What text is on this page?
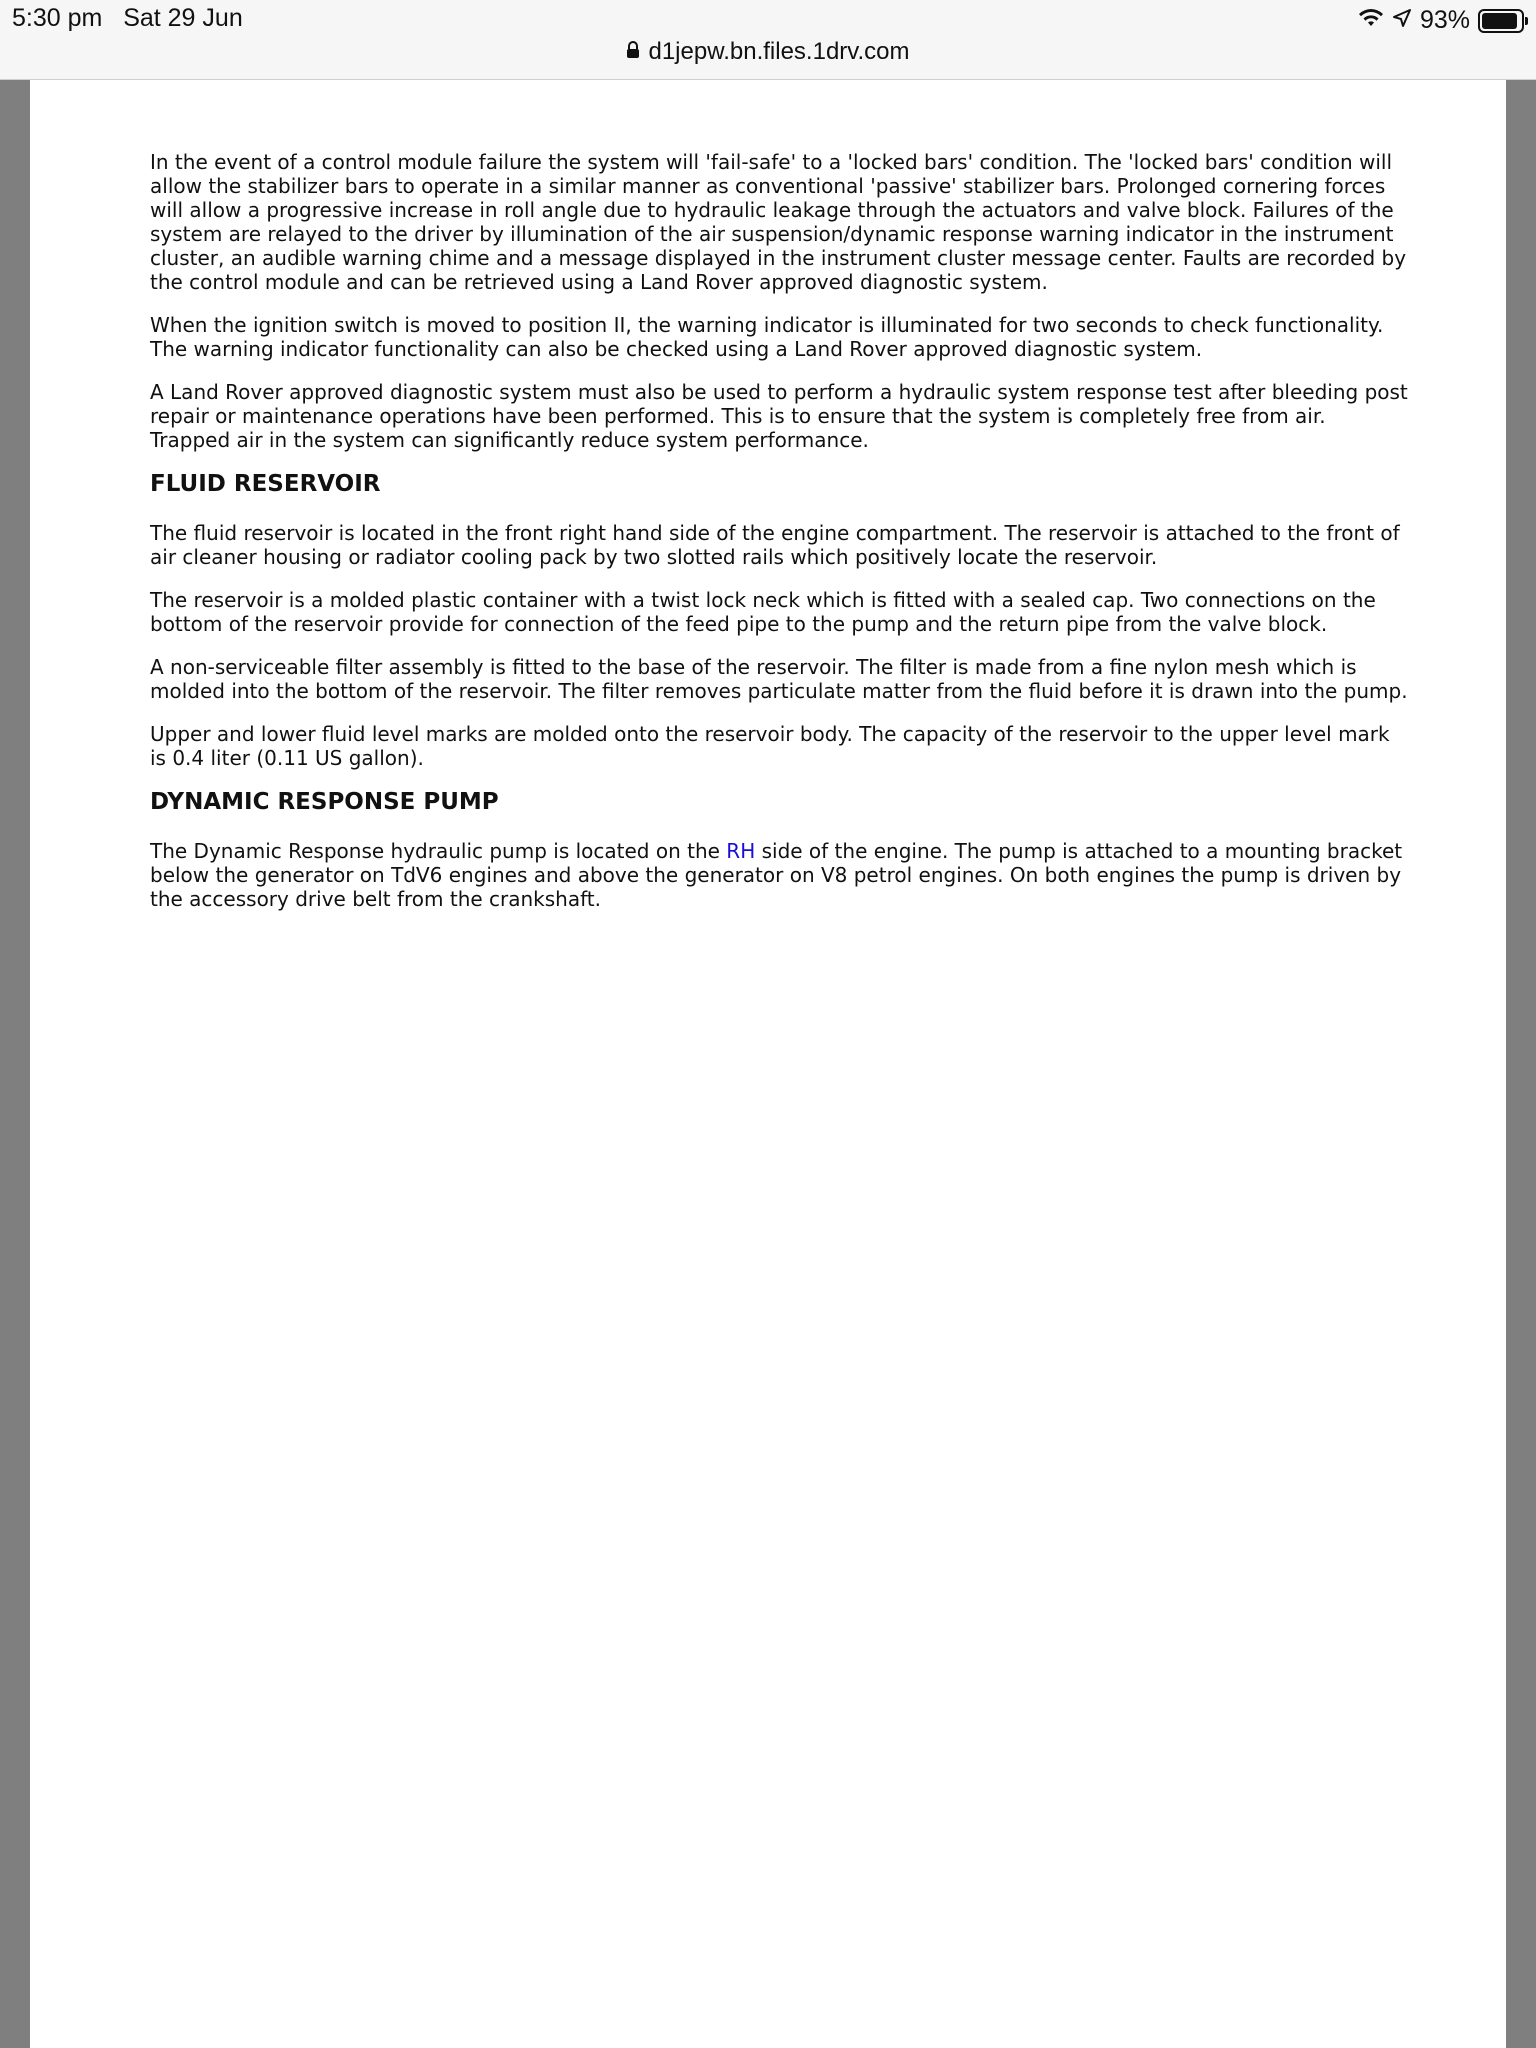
5:30 pm Sat 29 Jun	93%
d1jepw.bn.files.1drv.com

In the event of a control module failure the system will 'fail-safe' to a 'locked bars' condition. The 'locked bars' condition will allow the stabilizer bars to operate in a similar manner as conventional 'passive' stabilizer bars. Prolonged cornering forces will allow a progressive increase in roll angle due to hydraulic leakage through the actuators and valve block. Failures of the system are relayed to the driver by illumination of the air suspension/dynamic response warning indicator in the instrument cluster, an audible warning chime and a message displayed in the instrument cluster message center. Faults are recorded by the control module and can be retrieved using a Land Rover approved diagnostic system.

When the ignition switch is moved to position II, the warning indicator is illuminated for two seconds to check functionality. The warning indicator functionality can also be checked using a Land Rover approved diagnostic system.

A Land Rover approved diagnostic system must also be used to perform a hydraulic system response test after bleeding post repair or maintenance operations have been performed. This is to ensure that the system is completely free from air. Trapped air in the system can significantly reduce system performance.

FLUID RESERVOIR

The fluid reservoir is located in the front right hand side of the engine compartment. The reservoir is attached to the front of air cleaner housing or radiator cooling pack by two slotted rails which positively locate the reservoir.

The reservoir is a molded plastic container with a twist lock neck which is fitted with a sealed cap. Two connections on the bottom of the reservoir provide for connection of the feed pipe to the pump and the return pipe from the valve block.

A non-serviceable filter assembly is fitted to the base of the reservoir. The filter is made from a fine nylon mesh which is molded into the bottom of the reservoir. The filter removes particulate matter from the fluid before it is drawn into the pump.

Upper and lower fluid level marks are molded onto the reservoir body. The capacity of the reservoir to the upper level mark is 0.4 liter (0.11 US gallon).

DYNAMIC RESPONSE PUMP

The Dynamic Response hydraulic pump is located on the RH side of the engine. The pump is attached to a mounting bracket below the generator on TdV6 engines and above the generator on V8 petrol engines. On both engines the pump is driven by the accessory drive belt from the crankshaft.
